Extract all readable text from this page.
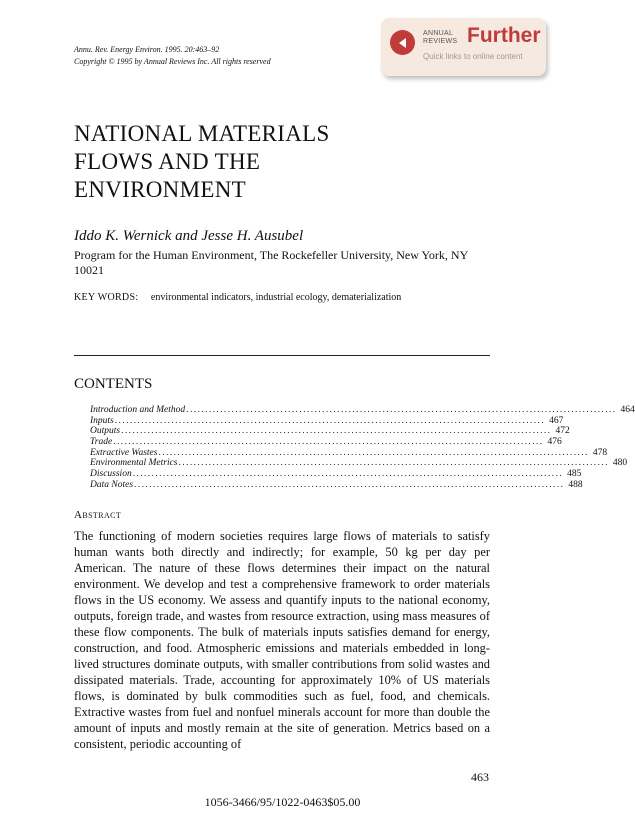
Annu. Rev. Energy Environ. 1995. 20:463–92
Copyright © 1995 by Annual Reviews Inc. All rights reserved
ANNUAL
REVIEWS Further
Quick links to online content
NATIONAL MATERIALS
FLOWS AND THE
ENVIRONMENT
Iddo K. Wernick and Jesse H. Ausubel
Program for the Human Environment, The Rockefeller University, New York, NY 10021
KEY WORDS: environmental indicators, industrial ecology, dematerialization
CONTENTS
Introduction and Method .................................................................................................................. 464
Inputs .................................................................................................................. 467
Outputs .................................................................................................................. 472
Trade .................................................................................................................. 476
Extractive Wastes .................................................................................................................. 478
Environmental Metrics .................................................................................................................. 480
Discussion .................................................................................................................. 485
Data Notes .................................................................................................................. 488
Abstract
The functioning of modern societies requires large flows of materials to satisfy human wants both directly and indirectly; for example, 50 kg per day per American. The nature of these flows determines their impact on the natural environment. We develop and test a comprehensive framework to order materials flows in the US economy. We assess and quantify inputs to the national economy, outputs, foreign trade, and wastes from resource extraction, using mass measures of these flow components. The bulk of materials inputs satisfies demand for energy, construction, and food. Atmospheric emissions and materials embedded in long-lived structures dominate outputs, with smaller contributions from solid wastes and dissipated materials. Trade, accounting for approximately 10% of US materials flows, is dominated by bulk commodities such as fuel, food, and chemicals. Extractive wastes from fuel and nonfuel minerals account for more than double the amount of inputs and mostly remain at the site of generation. Metrics based on a consistent, periodic accounting of
463
1056-3466/95/1022-0463$05.00
